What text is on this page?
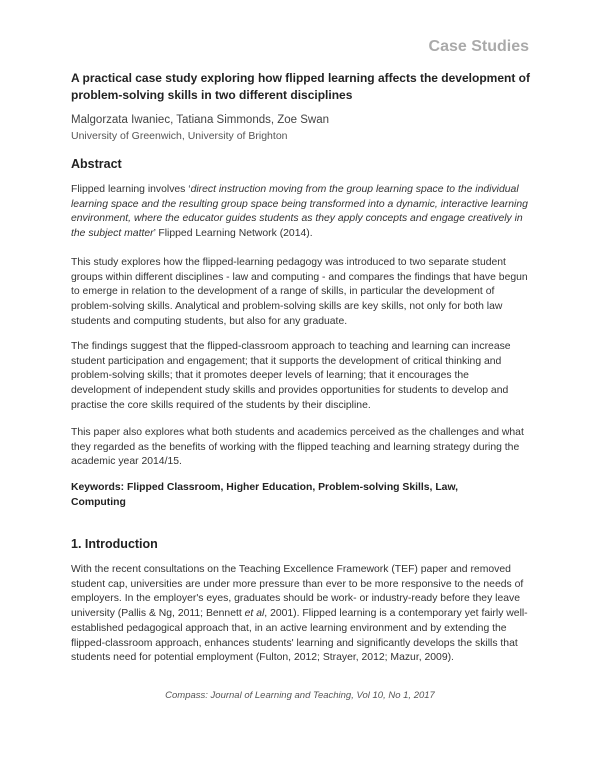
Case Studies
A practical case study exploring how flipped learning affects the development of problem-solving skills in two different disciplines
Malgorzata Iwaniec, Tatiana Simmonds, Zoe Swan
University of Greenwich, University of Brighton
Abstract

Flipped learning involves ‘direct instruction moving from the group learning space to the individual learning space and the resulting group space being transformed into a dynamic, interactive learning environment, where the educator guides students as they apply concepts and engage creatively in the subject matter’ Flipped Learning Network (2014).

This study explores how the flipped-learning pedagogy was introduced to two separate student groups within different disciplines - law and computing - and compares the findings that have begun to emerge in relation to the development of a range of skills, in particular the development of problem-solving skills. Analytical and problem-solving skills are key skills, not only for both law students and computing students, but also for any graduate.

The findings suggest that the flipped-classroom approach to teaching and learning can increase student participation and engagement; that it supports the development of critical thinking and problem-solving skills; that it promotes deeper levels of learning; that it encourages the development of independent study skills and provides opportunities for students to develop and practise the core skills required of the students by their discipline.

This paper also explores what both students and academics perceived as the challenges and what they regarded as the benefits of working with the flipped teaching and learning strategy during the academic year 2014/15.

Keywords: Flipped Classroom, Higher Education, Problem-solving Skills, Law, Computing

1. Introduction

With the recent consultations on the Teaching Excellence Framework (TEF) paper and removed student cap, universities are under more pressure than ever to be more responsive to the needs of employers. In the employer's eyes, graduates should be work- or industry-ready before they leave university (Pallis & Ng, 2011; Bennett et al, 2001). Flipped learning is a contemporary yet fairly well-established pedagogical approach that, in an active learning environment and by extending the flipped-classroom approach, enhances students' learning and significantly develops the skills that students need for potential employment (Fulton, 2012; Strayer, 2012; Mazur, 2009).

Compass: Journal of Learning and Teaching, Vol 10, No 1, 2017
